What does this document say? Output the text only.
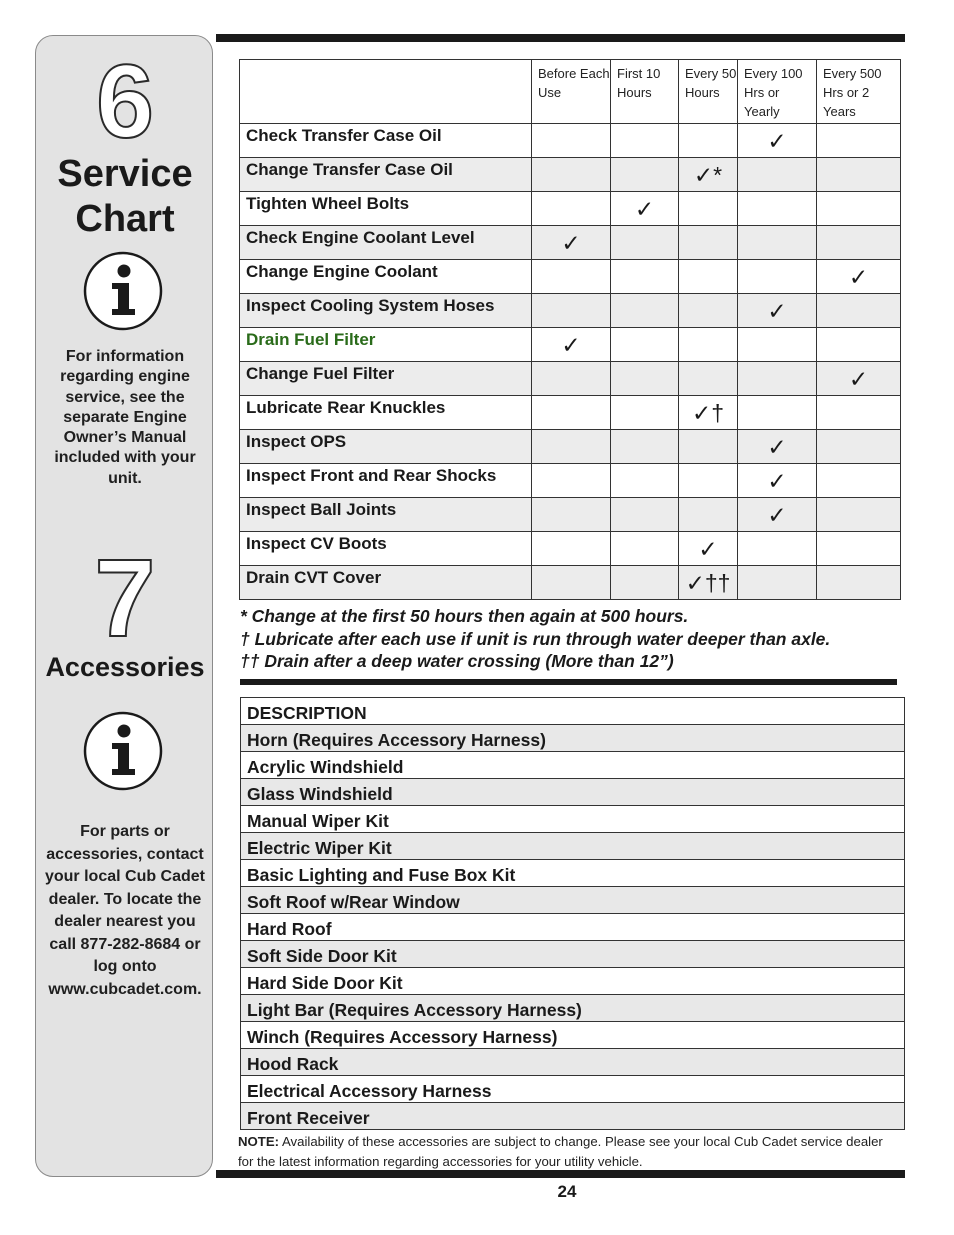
6
Service
Chart
For information regarding engine service, see the separate Engine Owner’s Manual included with your unit.
7
Accessories
For parts or accessories, contact your local Cub Cadet dealer. To locate the dealer nearest you call 877-282-8684 or log onto www.cubcadet.com.
	Before Each Use	First 10 Hours	Every 50 Hours	Every 100 Hrs or Yearly	Every 500 Hrs or 2 Years
Check Transfer Case Oil				✓	

Change Transfer Case Oil			✓*		

Tighten Wheel Bolts		✓			

Check Engine Coolant Level	✓				

Change Engine Coolant					✓

Inspect Cooling System Hoses				✓	

Drain Fuel Filter	✓				

Change Fuel Filter					✓

Lubricate Rear Knuckles			✓†		

Inspect OPS				✓	

Inspect Front and Rear Shocks				✓	

Inspect Ball Joints				✓	

Inspect CV Boots			✓		

Drain CVT Cover			✓††		

* Change at the first 50 hours then again at 500 hours.
† Lubricate after each use if unit is run through water deeper than axle.
†† Drain after a deep water crossing (More than 12”)
DESCRIPTION
Horn (Requires Accessory Harness)
Acrylic Windshield
Glass Windshield
Manual Wiper Kit
Electric Wiper Kit
Basic Lighting and Fuse Box Kit
Soft Roof w/Rear Window
Hard Roof
Soft Side Door Kit
Hard Side Door Kit
Light Bar (Requires Accessory Harness)
Winch (Requires Accessory Harness)
Hood Rack
Electrical Accessory Harness
Front Receiver
NOTE: Availability of these accessories are subject to change. Please see your local Cub Cadet service dealer for the latest information regarding accessories for your utility vehicle.
24
